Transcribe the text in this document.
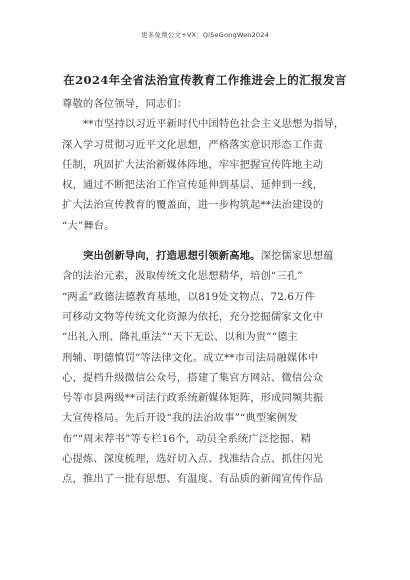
更多免费公文+VX：Qi5eGongWen2024
在2024年全省法治宣传教育工作推进会上的汇报发言
尊敬的各位领导，同志们：
**市坚持以习近平新时代中国特色社会主义思想为指导，
深入学习贯彻习近平文化思想，严格落实意识形态工作责
任制，巩固扩大法治新媒体阵地，牢牢把握宣传阵地主动
权，通过不断把法治工作宣传延伸到基层、延伸到一线，
扩大法治宣传教育的覆盖面，进一步构筑起**法治建设的
“大”舞台。
突出创新导向，打造思想引领新高地。深挖儒家思想蕴
含的法治元素，汲取传统文化思想精华，培创“三孔”
“两孟”政德法德教育基地，以819处文物点、72.6万件
可移动文物等传统文化资源为依托，充分挖掘儒家文化中
“出礼入刑、隆礼重法”“天下无讼、以和为贵”“德主
刑辅、明德慎罚”等法律文化。成立**市司法局融媒体中
心，提档升级微信公众号，搭建了集官方网站、微信公众
号等市县两级**司法行政系统新媒体矩阵，形成同频共振
大宣传格局。先后开设“我的法治故事”“典型案例发
布”“周末荐书”等专栏16个，动员全系统广泛挖掘、精
心提炼、深度梳理，选好切入点、找准结合点、抓住闪光
点，推出了一批有思想、有温度、有品质的新闻宣传作品
